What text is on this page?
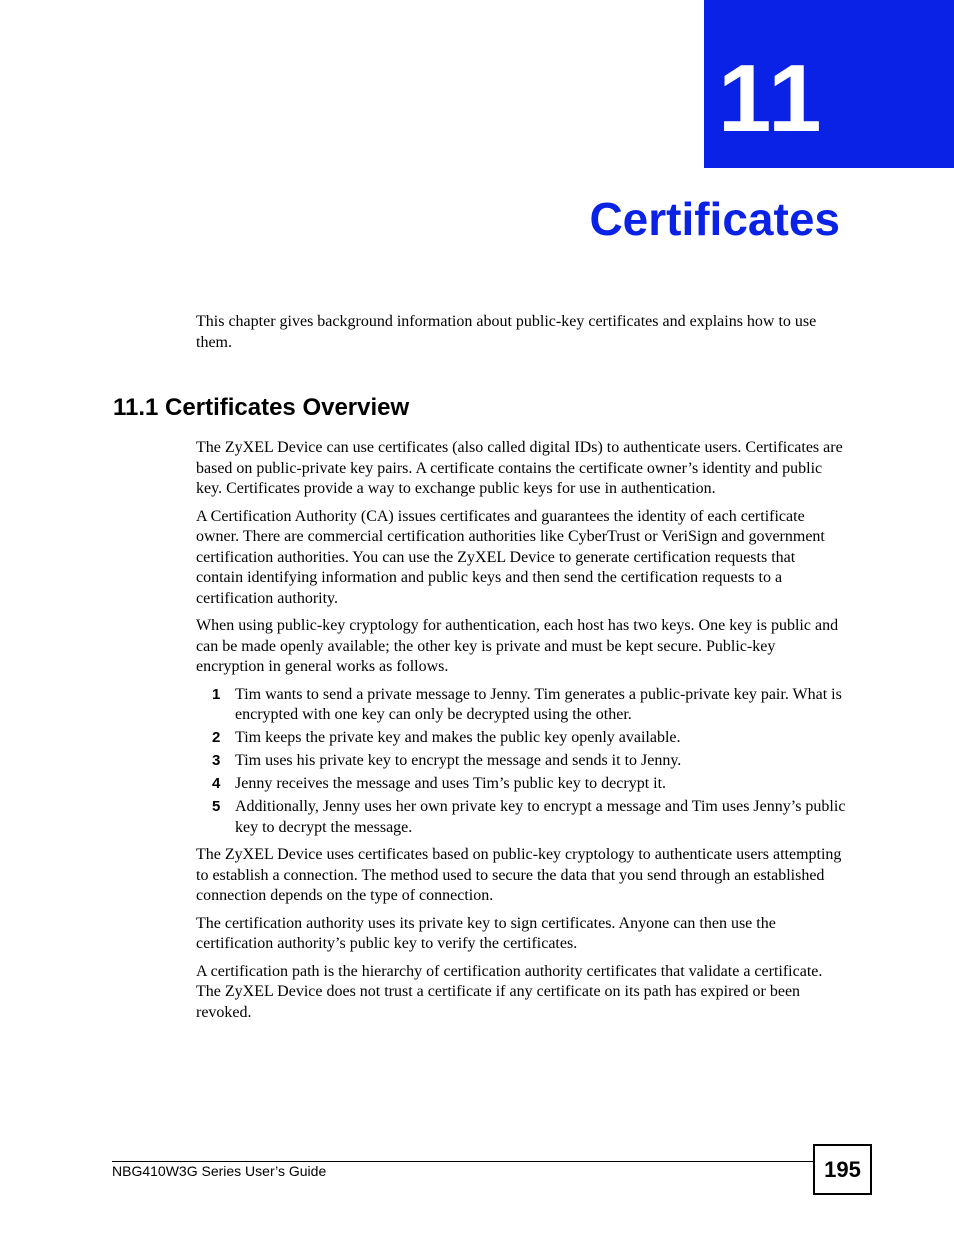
11
Certificates

This chapter gives background information about public-key certificates and explains how to use them.

11.1 Certificates Overview

The ZyXEL Device can use certificates (also called digital IDs) to authenticate users. Certificates are based on public-private key pairs. A certificate contains the certificate owner’s identity and public key. Certificates provide a way to exchange public keys for use in authentication.

A Certification Authority (CA) issues certificates and guarantees the identity of each certificate owner. There are commercial certification authorities like CyberTrust or VeriSign and government certification authorities. You can use the ZyXEL Device to generate certification requests that contain identifying information and public keys and then send the certification requests to a certification authority.

When using public-key cryptology for authentication, each host has two keys. One key is public and can be made openly available; the other key is private and must be kept secure. Public-key encryption in general works as follows.

1 Tim wants to send a private message to Jenny. Tim generates a public-private key pair. What is encrypted with one key can only be decrypted using the other.
2 Tim keeps the private key and makes the public key openly available.
3 Tim uses his private key to encrypt the message and sends it to Jenny.
4 Jenny receives the message and uses Tim’s public key to decrypt it.
5 Additionally, Jenny uses her own private key to encrypt a message and Tim uses Jenny’s public key to decrypt the message.

The ZyXEL Device uses certificates based on public-key cryptology to authenticate users attempting to establish a connection. The method used to secure the data that you send through an established connection depends on the type of connection.

The certification authority uses its private key to sign certificates. Anyone can then use the certification authority’s public key to verify the certificates.

A certification path is the hierarchy of certification authority certificates that validate a certificate. The ZyXEL Device does not trust a certificate if any certificate on its path has expired or been revoked.

NBG410W3G Series User’s Guide	195
